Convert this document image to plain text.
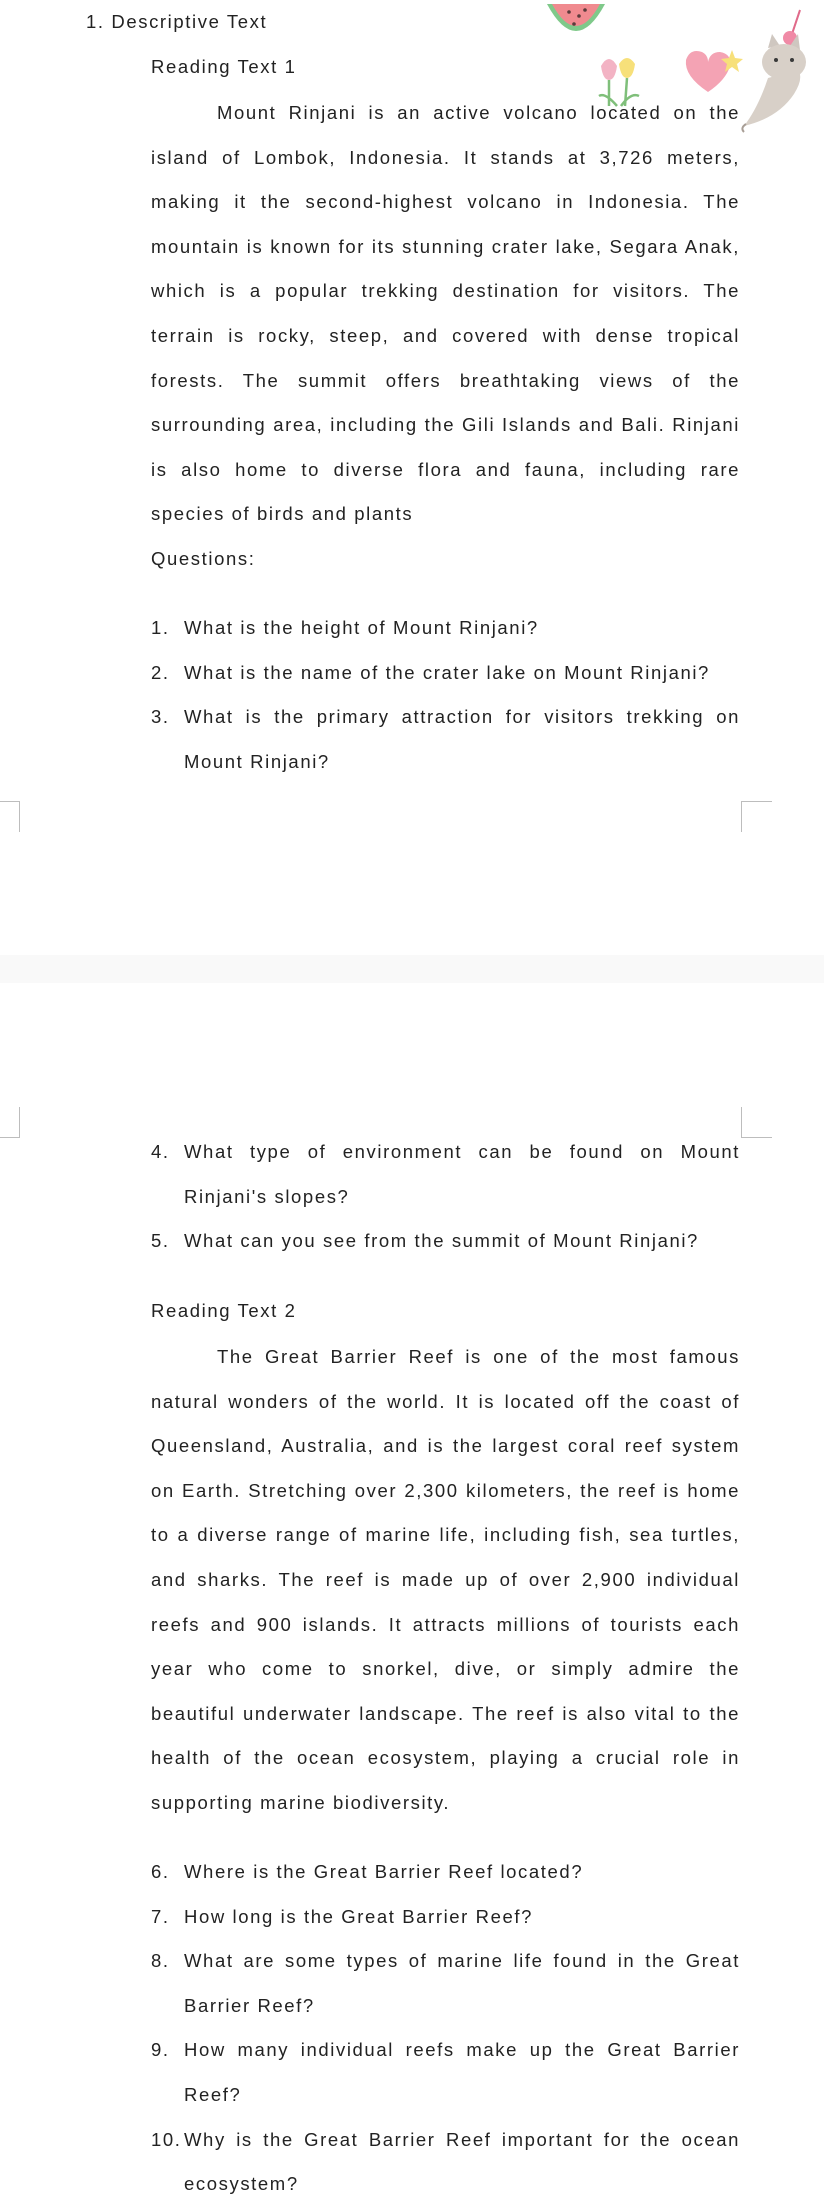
1. Descriptive Text
Reading Text 1
Mount Rinjani is an active volcano located on the island of Lombok, Indonesia. It stands at 3,726 meters, making it the second-highest volcano in Indonesia. The mountain is known for its stunning crater lake, Segara Anak, which is a popular trekking destination for visitors. The terrain is rocky, steep, and covered with dense tropical forests. The summit offers breathtaking views of the surrounding area, including the Gili Islands and Bali. Rinjani is also home to diverse flora and fauna, including rare species of birds and plants
Questions:
1. What is the height of Mount Rinjani?
2. What is the name of the crater lake on Mount Rinjani?
3. What is the primary attraction for visitors trekking on Mount Rinjani?
4. What type of environment can be found on Mount Rinjani's slopes?
5. What can you see from the summit of Mount Rinjani?
Reading Text 2
The Great Barrier Reef is one of the most famous natural wonders of the world. It is located off the coast of Queensland, Australia, and is the largest coral reef system on Earth. Stretching over 2,300 kilometers, the reef is home to a diverse range of marine life, including fish, sea turtles, and sharks. The reef is made up of over 2,900 individual reefs and 900 islands. It attracts millions of tourists each year who come to snorkel, dive, or simply admire the beautiful underwater landscape. The reef is also vital to the health of the ocean ecosystem, playing a crucial role in supporting marine biodiversity.
6. Where is the Great Barrier Reef located?
7. How long is the Great Barrier Reef?
8. What are some types of marine life found in the Great Barrier Reef?
9. How many individual reefs make up the Great Barrier Reef?
10. Why is the Great Barrier Reef important for the ocean ecosystem?
